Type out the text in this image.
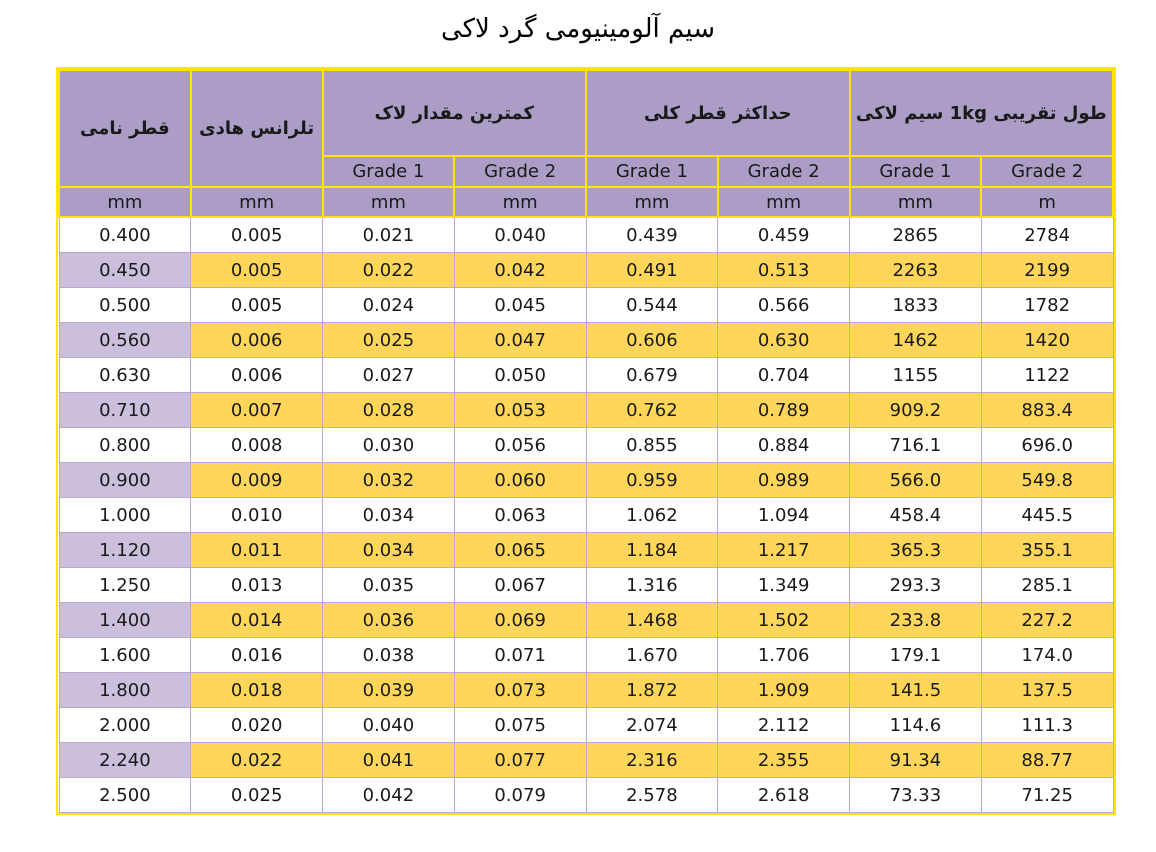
سیم آلومینیومی گرد لاکی
قطر نامی	تلرانس هادی	کمترین مقدار لاک		حداکثر قطر کلی		طول تقریبی 1kg سیم لاکی	
		Grade 1	Grade 2	Grade 1	Grade 2	Grade 1	Grade 2
mm	mm	mm	mm	mm	mm	mm	m
0.400	0.005	0.021	0.040	0.439	0.459	2865	2784
0.450	0.005	0.022	0.042	0.491	0.513	2263	2199
0.500	0.005	0.024	0.045	0.544	0.566	1833	1782
0.560	0.006	0.025	0.047	0.606	0.630	1462	1420
0.630	0.006	0.027	0.050	0.679	0.704	1155	1122
0.710	0.007	0.028	0.053	0.762	0.789	909.2	883.4
0.800	0.008	0.030	0.056	0.855	0.884	716.1	696.0
0.900	0.009	0.032	0.060	0.959	0.989	566.0	549.8
1.000	0.010	0.034	0.063	1.062	1.094	458.4	445.5
1.120	0.011	0.034	0.065	1.184	1.217	365.3	355.1
1.250	0.013	0.035	0.067	1.316	1.349	293.3	285.1
1.400	0.014	0.036	0.069	1.468	1.502	233.8	227.2
1.600	0.016	0.038	0.071	1.670	1.706	179.1	174.0
1.800	0.018	0.039	0.073	1.872	1.909	141.5	137.5
2.000	0.020	0.040	0.075	2.074	2.112	114.6	111.3
2.240	0.022	0.041	0.077	2.316	2.355	91.34	88.77
2.500	0.025	0.042	0.079	2.578	2.618	73.33	71.25
